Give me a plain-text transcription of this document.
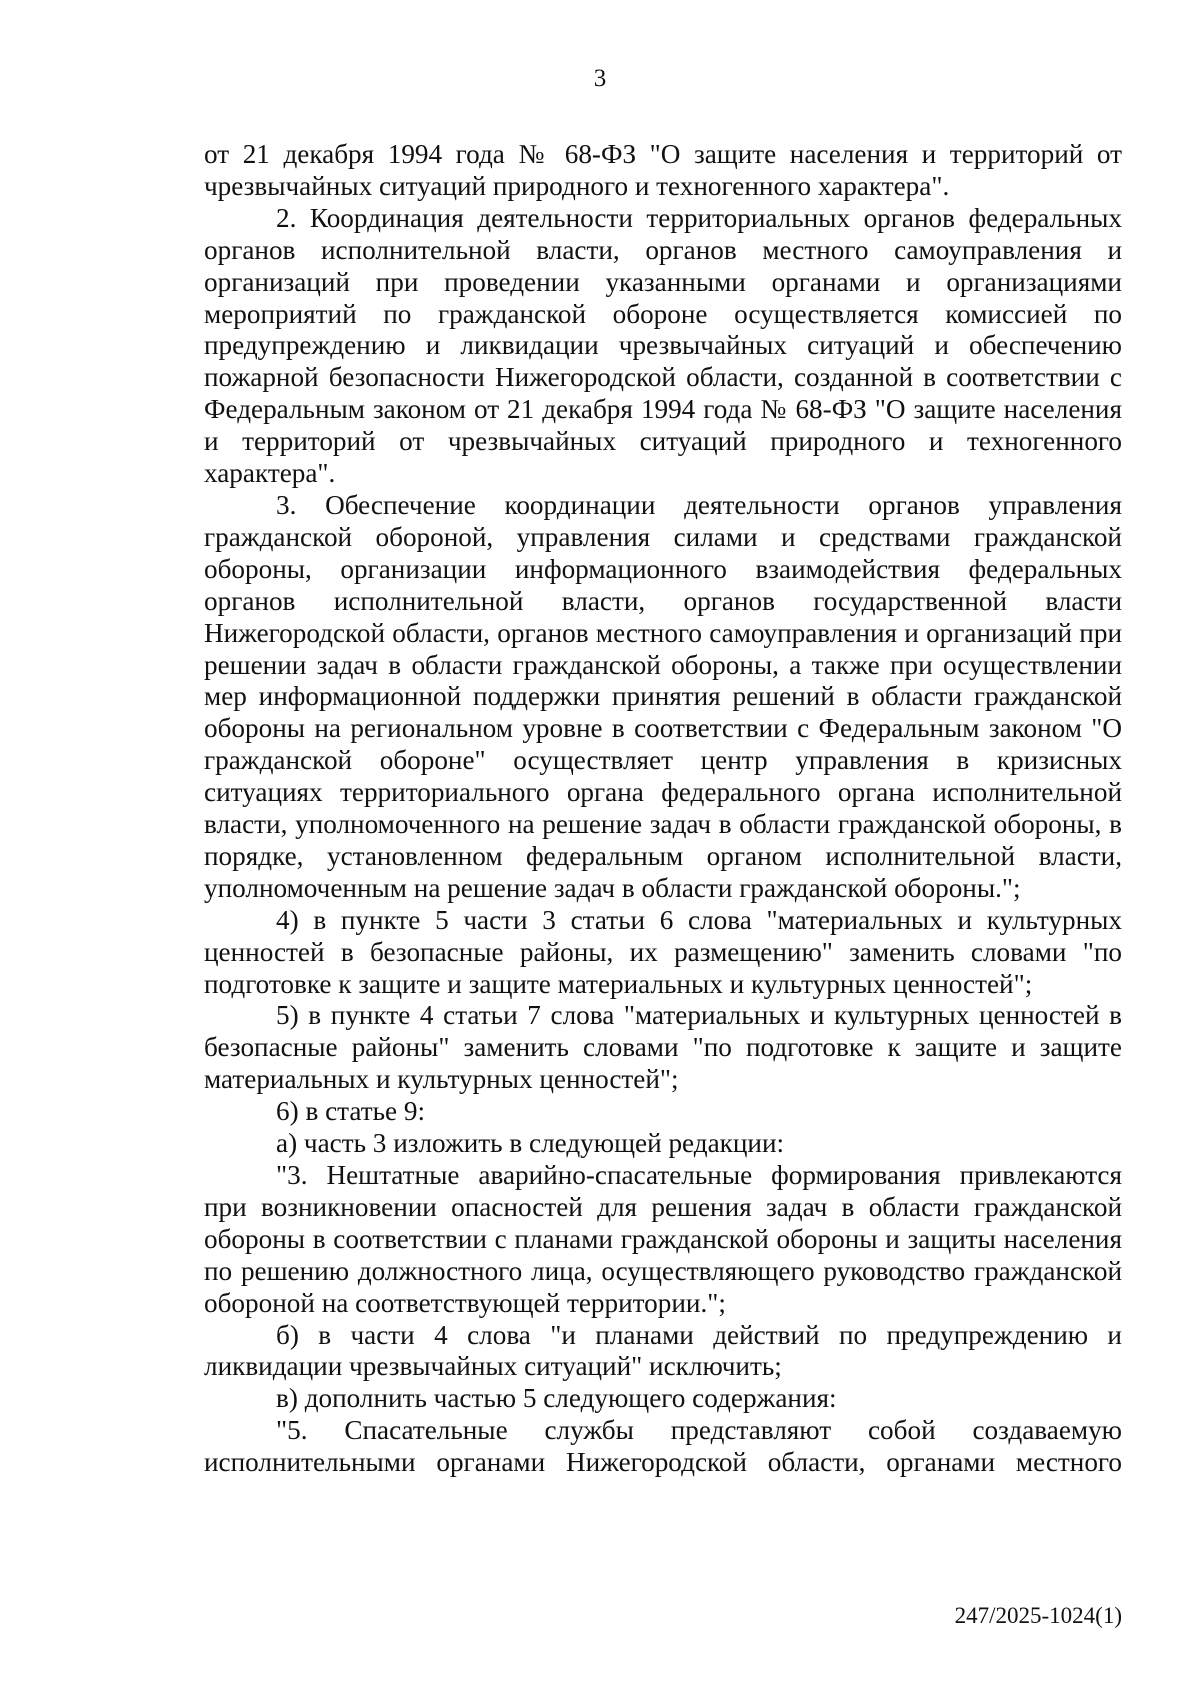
3

от 21 декабря 1994 года № 68-ФЗ "О защите населения и территорий от чрезвычайных ситуаций природного и техногенного характера".

2. Координация деятельности территориальных органов федеральных органов исполнительной власти, органов местного самоуправления и организаций при проведении указанными органами и организациями мероприятий по гражданской обороне осуществляется комиссией по предупреждению и ликвидации чрезвычайных ситуаций и обеспечению пожарной безопасности Нижегородской области, созданной в соответствии с Федеральным законом от 21 декабря 1994 года № 68-ФЗ "О защите населения и территорий от чрезвычайных ситуаций природного и техногенного характера".

3. Обеспечение координации деятельности органов управления гражданской обороной, управления силами и средствами гражданской обороны, организации информационного взаимодействия федеральных органов исполнительной власти, органов государственной власти Нижегородской области, органов местного самоуправления и организаций при решении задач в области гражданской обороны, а также при осуществлении мер информационной поддержки принятия решений в области гражданской обороны на региональном уровне в соответствии с Федеральным законом "О гражданской обороне" осуществляет центр управления в кризисных ситуациях территориального органа федерального органа исполнительной власти, уполномоченного на решение задач в области гражданской обороны, в порядке, установленном федеральным органом исполнительной власти, уполномоченным на решение задач в области гражданской обороны.";

4) в пункте 5 части 3 статьи 6 слова "материальных и культурных ценностей в безопасные районы, их размещению" заменить словами "по подготовке к защите и защите материальных и культурных ценностей";

5) в пункте 4 статьи 7 слова "материальных и культурных ценностей в безопасные районы" заменить словами "по подготовке к защите и защите материальных и культурных ценностей";

6) в статье 9:

а) часть 3 изложить в следующей редакции:

"3. Нештатные аварийно-спасательные формирования привлекаются при возникновении опасностей для решения задач в области гражданской обороны в соответствии с планами гражданской обороны и защиты населения по решению должностного лица, осуществляющего руководство гражданской обороной на соответствующей территории.";

б) в части 4 слова "и планами действий по предупреждению и ликвидации чрезвычайных ситуаций" исключить;

в) дополнить частью 5 следующего содержания:

"5. Спасательные службы представляют собой создаваемую исполнительными органами Нижегородской области, органами местного

247/2025-1024(1)
